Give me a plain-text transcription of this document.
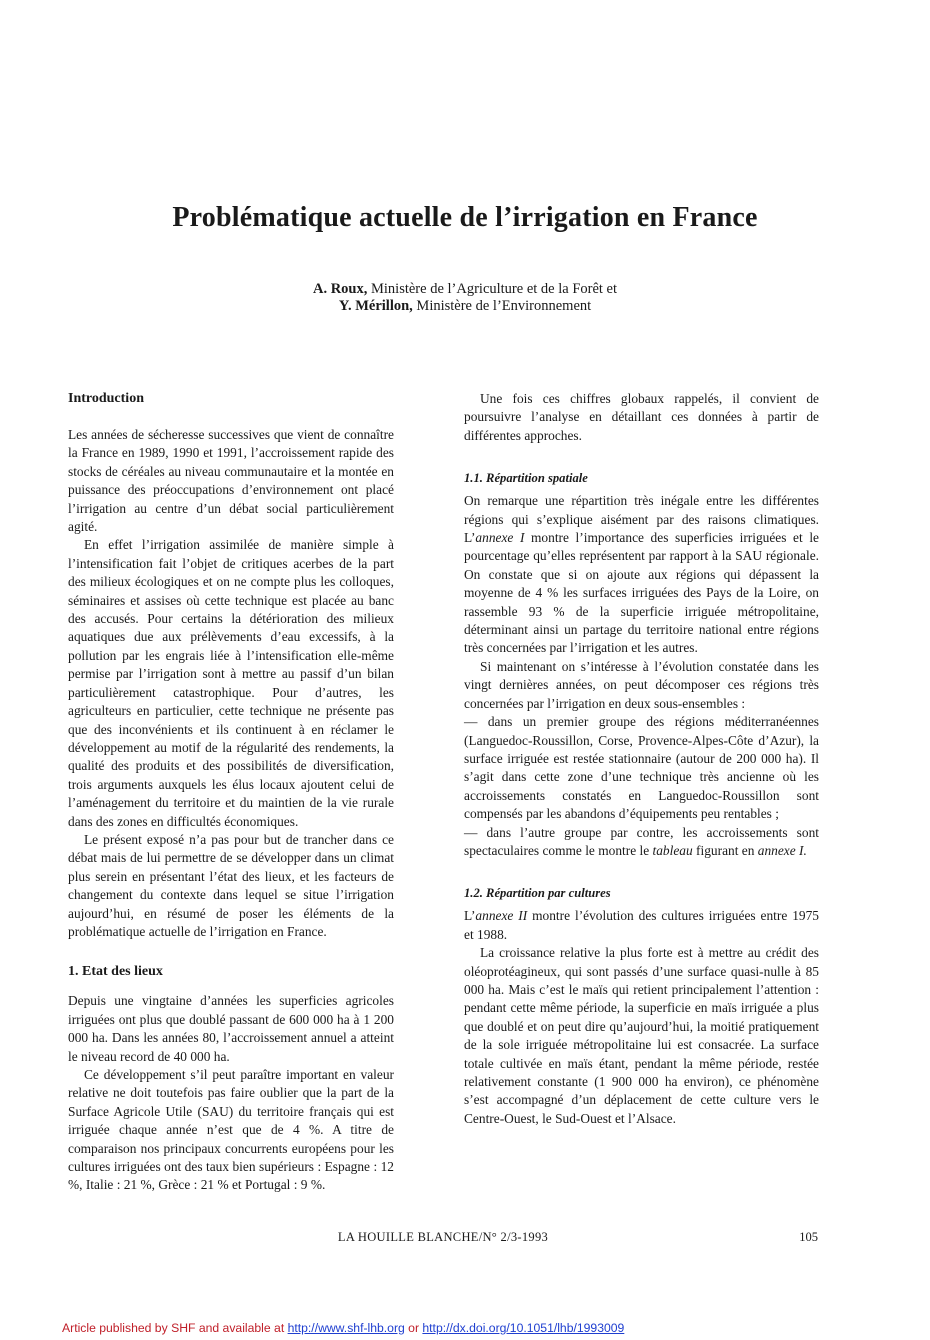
Problématique actuelle de l’irrigation en France
A. Roux, Ministère de l’Agriculture et de la Forêt et
Y. Mérillon, Ministère de l’Environnement
Introduction

Les années de sécheresse successives que vient de connaître la France en 1989, 1990 et 1991, l’accroissement rapide des stocks de céréales au niveau communautaire et la montée en puissance des préoccupations d’environnement ont placé l’irrigation au centre d’un débat social particulièrement agité.

En effet l’irrigation assimilée de manière simple à l’intensification fait l’objet de critiques acerbes de la part des milieux écologiques et on ne compte plus les colloques, séminaires et assises où cette technique est placée au banc des accusés. Pour certains la détérioration des milieux aquatiques due aux prélèvements d’eau excessifs, à la pollution par les engrais liée à l’intensification elle-même permise par l’irrigation sont à mettre au passif d’un bilan particulièrement catastrophique. Pour d’autres, les agriculteurs en particulier, cette technique ne présente pas que des inconvénients et ils continuent à en réclamer le développement au motif de la régularité des rendements, la qualité des produits et des possibilités de diversification, trois arguments auxquels les élus locaux ajoutent celui de l’aménagement du territoire et du maintien de la vie rurale dans des zones en difficultés économiques.

Le présent exposé n’a pas pour but de trancher dans ce débat mais de lui permettre de se développer dans un climat plus serein en présentant l’état des lieux, et les facteurs de changement du contexte dans lequel se situe l’irrigation aujourd’hui, en résumé de poser les éléments de la problématique actuelle de l’irrigation en France.

1. Etat des lieux

Depuis une vingtaine d’années les superficies agricoles irriguées ont plus que doublé passant de 600 000 ha à 1 200 000 ha. Dans les années 80, l’accroissement annuel a atteint le niveau record de 40 000 ha.

Ce développement s’il peut paraître important en valeur relative ne doit toutefois pas faire oublier que la part de la Surface Agricole Utile (SAU) du territoire français qui est irriguée chaque année n’est que de 4 %. A titre de comparaison nos principaux concurrents européens pour les cultures irriguées ont des taux bien supérieurs : Espagne : 12 %, Italie : 21 %, Grèce : 21 % et Portugal : 9 %.

Une fois ces chiffres globaux rappelés, il convient de poursuivre l’analyse en détaillant ces données à partir de différentes approches.

1.1. Répartition spatiale

On remarque une répartition très inégale entre les différentes régions qui s’explique aisément par des raisons climatiques. L’annexe I montre l’importance des superficies irriguées et le pourcentage qu’elles représentent par rapport à la SAU régionale. On constate que si on ajoute aux régions qui dépassent la moyenne de 4 % les surfaces irriguées des Pays de la Loire, on rassemble 93 % de la superficie irriguée métropolitaine, déterminant ainsi un partage du territoire national entre régions très concernées par l’irrigation et les autres.

Si maintenant on s’intéresse à l’évolution constatée dans les vingt dernières années, on peut décomposer ces régions très concernées par l’irrigation en deux sous-ensembles :

— dans un premier groupe des régions méditerranéennes (Languedoc-Roussillon, Corse, Provence-Alpes-Côte d’Azur), la surface irriguée est restée stationnaire (autour de 200 000 ha). Il s’agit dans cette zone d’une technique très ancienne où les accroissements constatés en Languedoc-Roussillon sont compensés par les abandons d’équipements peu rentables ;

— dans l’autre groupe par contre, les accroissements sont spectaculaires comme le montre le tableau figurant en annexe I.

1.2. Répartition par cultures

L’annexe II montre l’évolution des cultures irriguées entre 1975 et 1988.

La croissance relative la plus forte est à mettre au crédit des oléoprotéagineux, qui sont passés d’une surface quasi-nulle à 85 000 ha. Mais c’est le maïs qui retient principalement l’attention : pendant cette même période, la superficie en maïs irriguée a plus que doublé et on peut dire qu’aujourd’hui, la moitié pratiquement de la sole irriguée métropolitaine lui est consacrée. La surface totale cultivée en maïs étant, pendant la même période, restée relativement constante (1 900 000 ha environ), ce phénomène s’est accompagné d’un déplacement de cette culture vers le Centre-Ouest, le Sud-Ouest et l’Alsace.

LA HOUILLE BLANCHE/N° 2/3-1993	105
Article published by SHF and available at http://www.shf-lhb.org or http://dx.doi.org/10.1051/lhb/1993009
